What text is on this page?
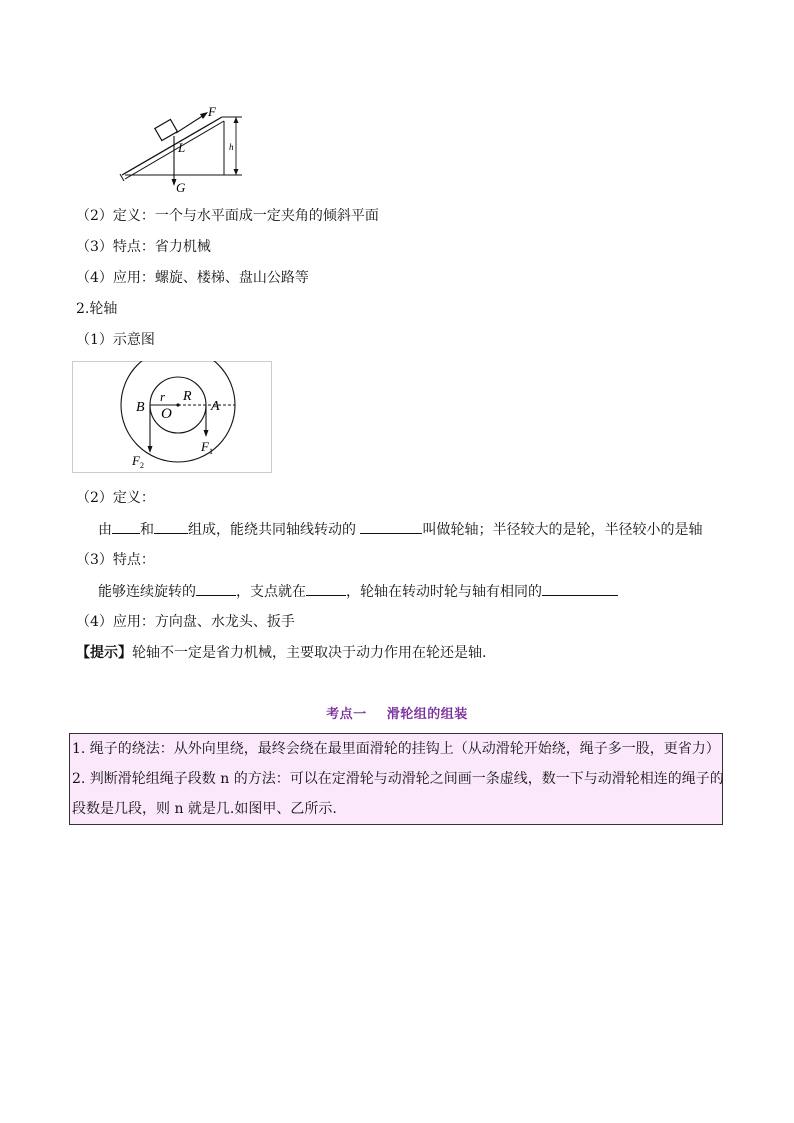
F
L	h
G
（2）定义：一个与水平面成一定夹角的倾斜平面
（3）特点：省力机械
（4）应用：螺旋、楼梯、盘山公路等
2.轮轴
（1）示意图
B
r
O
R
A
$F_1$
$F_2$
（2）定义：
由 和 组成，能绕共同轴线转动的	叫做轮轴；半径较大的是轮，半径较小的是轴
（3）特点：
能够连续旋转的	，支点就在	，轮轴在转动时轮与轴有相同的
（4）应用：方向盘、水龙头、扳手
【提示】轮轴不一定是省力机械，主要取决于动力作用在轮还是轴.
考点一 滑轮组的组装
1. 绳子的绕法：从外向里绕，最终会绕在最里面滑轮的挂钩上（从动滑轮开始绕，绳子多一股，更省力）
2. 判断滑轮组绳子段数 n 的方法：可以在定滑轮与动滑轮之间画一条虚线，数一下与动滑轮相连的绳子的
段数是几段，则 n 就是几.如图甲、乙所示.
